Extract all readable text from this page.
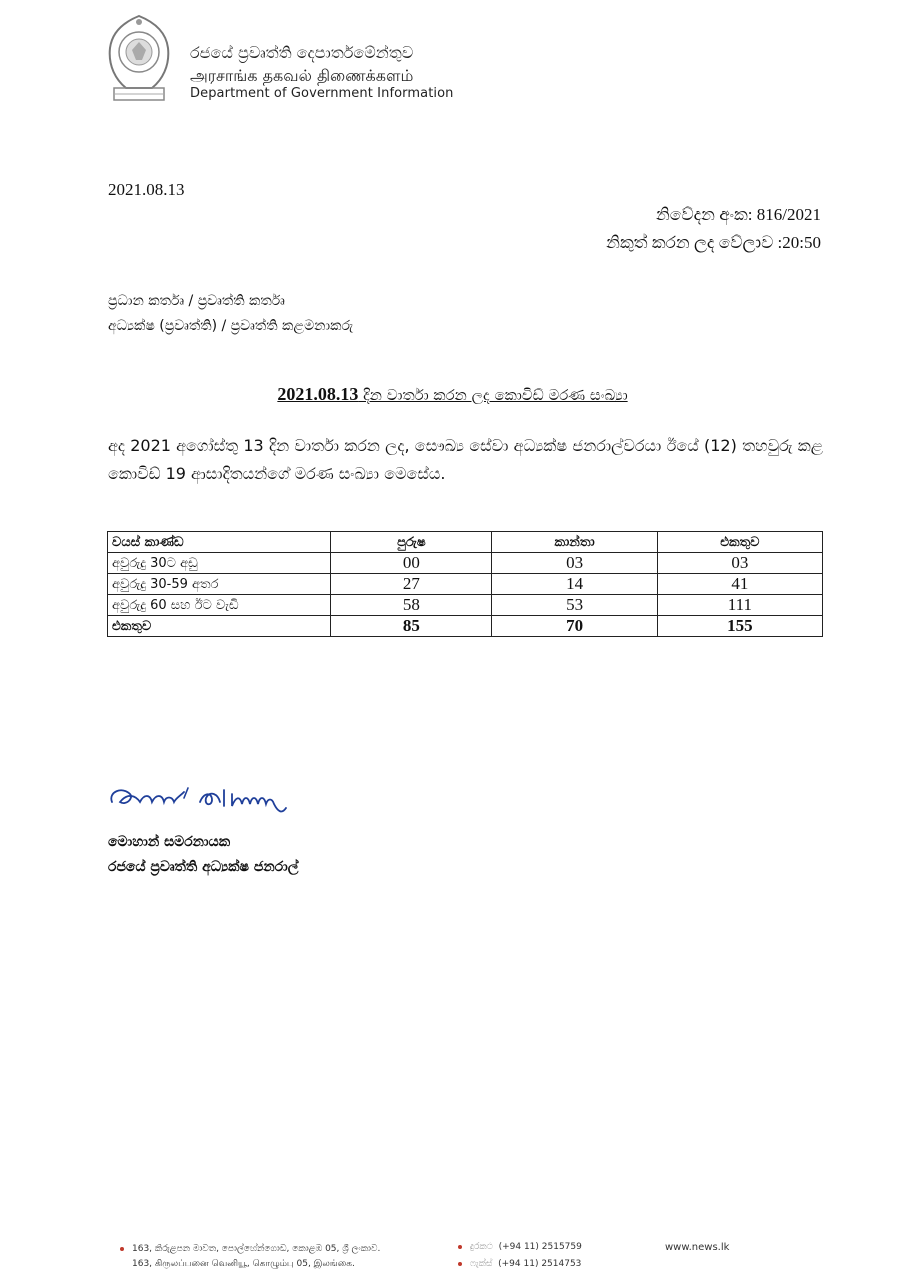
රජයේ ප්‍රවෘත්ති දෙපාර්තමේන්තුව
அரசாங்க தகவல் திணைக்களம்
Department of Government Information
2021.08.13
නිවේදන අංක: 816/2021
නිකුත් කරන ලද වේලාව :20:50
ප්‍රධාන කර්තෘ / ප්‍රවෘත්ති කර්තෘ
අධ්‍යක්ෂ (ප්‍රවෘත්ති) / ප්‍රවෘත්ති කළමනාකරු
2021.08.13 දින වාර්තා කරන ලද කොවිඩ් මරණ සංඛ්‍යා
අද 2021 අගෝස්තු 13 දින වාර්තා කරන ලද, සෞඛ්‍ය සේවා අධ්‍යක්ෂ ජනරාල්වරයා ඊයේ (12) තහවුරු කළ කොවිඩ් 19 ආසාදිතයන්ගේ මරණ සංඛ්‍යා මෙසේය.
වයස් කාණ්ඩ	පුරුෂ	කාන්තා	එකතුව
අවුරුදු 30ට අඩු	00	03	03
අවුරුදු 30-59 අතර	27	14	41
අවුරුදු 60 සහ ඊට වැඩි	58	53	111
එකතුව	85	70	155
මොහාන් සමරනායක
රජයේ ප්‍රවෘත්ති අධ්‍යක්ෂ ජනරාල්
163, කිරුළපන මාවත, පොල්හේන්ගොඩ, කොළඹ 05, ශ්‍රී ලංකාව.
163, கிருலப்பனை வெனியூ, கொழும்பு 05, இலங்கை.
දුරකථ (+94 11) 2515759
ෆැක්ස් (+94 11) 2514753
www.news.lk
